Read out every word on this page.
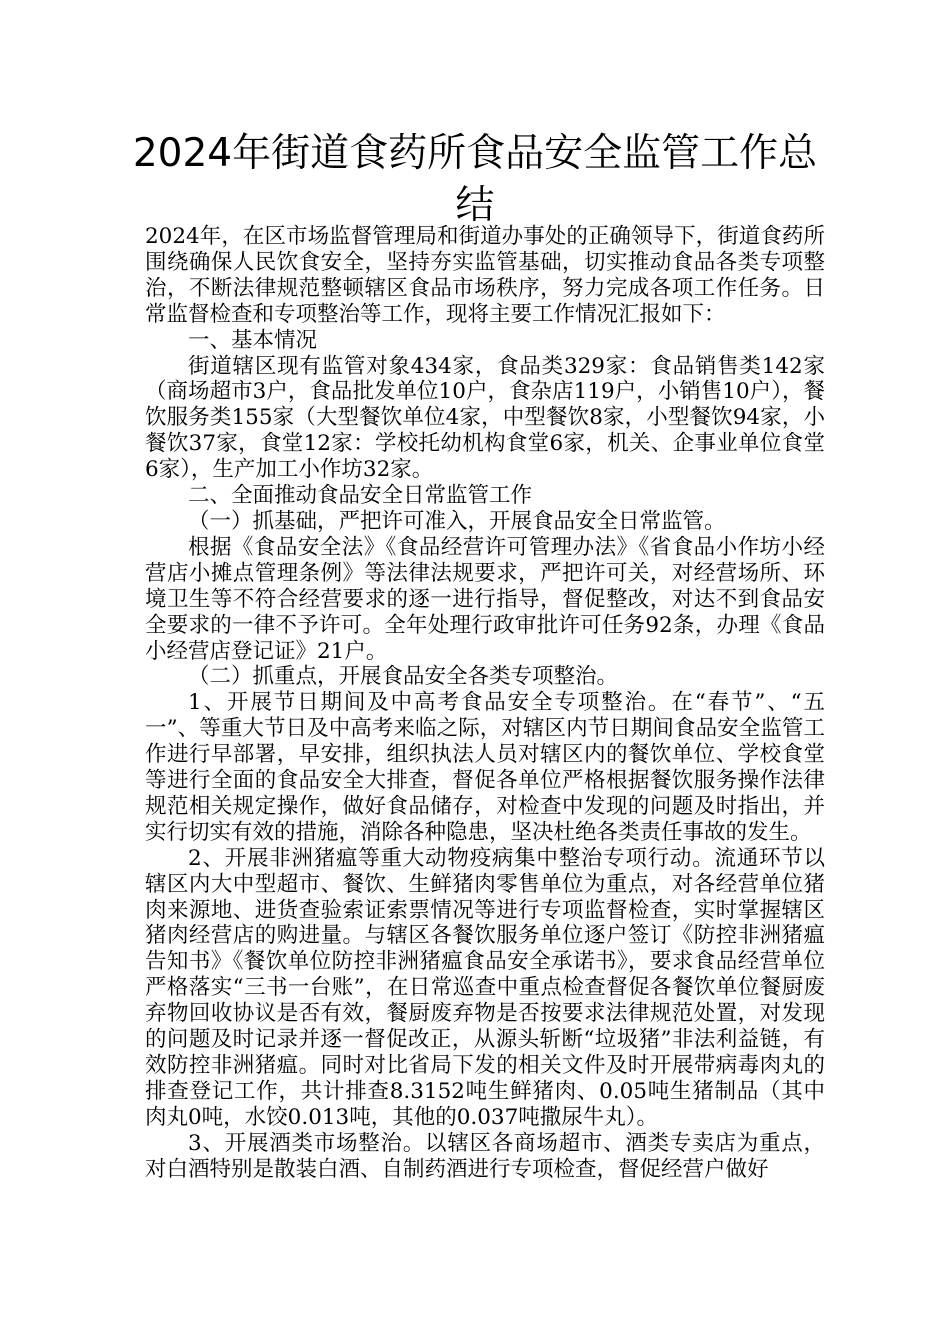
2024年街道食药所食品安全监管工作总结

2024年，在区市场监督管理局和街道办事处的正确领导下，街道食药所围绕确保人民饮食安全，坚持夯实监管基础，切实推动食品各类专项整治，不断法律规范整顿辖区食品市场秩序，努力完成各项工作任务。日常监督检查和专项整治等工作，现将主要工作情况汇报如下：

一、基本情况

街道辖区现有监管对象434家，食品类329家：食品销售类142家（商场超市3户，食品批发单位10户，食杂店119户，小销售10户），餐饮服务类155家（大型餐饮单位4家，中型餐饮8家，小型餐饮94家，小餐饮37家，食堂12家：学校托幼机构食堂6家，机关、企事业单位食堂6家），生产加工小作坊32家。

二、全面推动食品安全日常监管工作

（一）抓基础，严把许可准入，开展食品安全日常监管。

根据《食品安全法》《食品经营许可管理办法》《省食品小作坊小经营店小摊点管理条例》等法律法规要求，严把许可关，对经营场所、环境卫生等不符合经营要求的逐一进行指导，督促整改，对达不到食品安全要求的一律不予许可。全年处理行政审批许可任务92条，办理《食品小经营店登记证》21户。

（二）抓重点，开展食品安全各类专项整治。

1、开展节日期间及中高考食品安全专项整治。在“春节”、“五一”、等重大节日及中高考来临之际，对辖区内节日期间食品安全监管工作进行早部署，早安排，组织执法人员对辖区内的餐饮单位、学校食堂等进行全面的食品安全大排查，督促各单位严格根据餐饮服务操作法律规范相关规定操作，做好食品储存，对检查中发现的问题及时指出，并实行切实有效的措施，消除各种隐患，坚决杜绝各类责任事故的发生。

2、开展非洲猪瘟等重大动物疫病集中整治专项行动。流通环节以辖区内大中型超市、餐饮、生鲜猪肉零售单位为重点，对各经营单位猪肉来源地、进货查验索证索票情况等进行专项监督检查，实时掌握辖区猪肉经营店的购进量。与辖区各餐饮服务单位逐户签订《防控非洲猪瘟告知书》《餐饮单位防控非洲猪瘟食品安全承诺书》，要求食品经营单位严格落实“三书一台账”，在日常巡查中重点检查督促各餐饮单位餐厨废弃物回收协议是否有效，餐厨废弃物是否按要求法律规范处置，对发现的问题及时记录并逐一督促改正，从源头斩断“垃圾猪”非法利益链，有效防控非洲猪瘟。同时对比省局下发的相关文件及时开展带病毒肉丸的排查登记工作，共计排查8.3152吨生鲜猪肉、0.05吨生猪制品（其中肉丸0吨，水饺0.013吨，其他的0.037吨撒尿牛丸）。

3、开展酒类市场整治。以辖区各商场超市、酒类专卖店为重点，对白酒特别是散装白酒、自制药酒进行专项检查，督促经营户做好
